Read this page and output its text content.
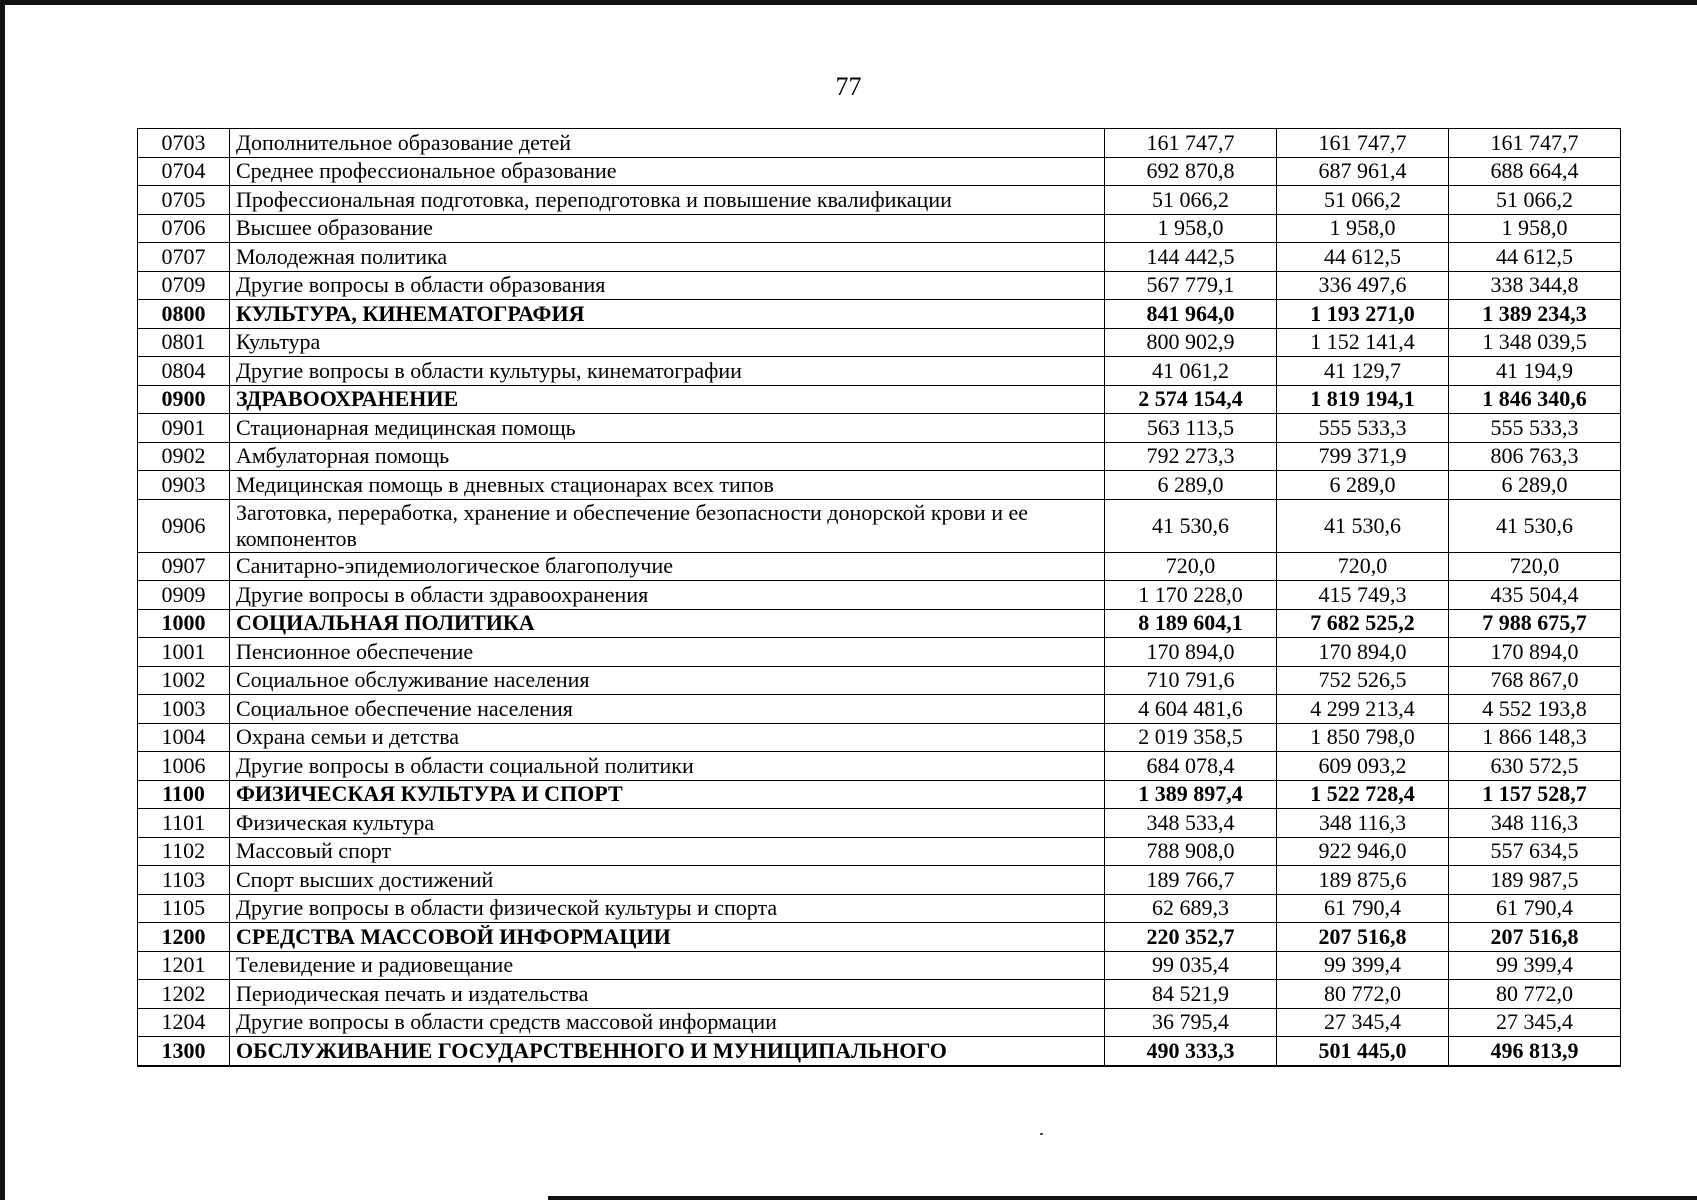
77
0703	Дополнительное образование детей	161 747,7	161 747,7	161 747,7
0704	Среднее профессиональное образование	692 870,8	687 961,4	688 664,4
0705	Профессиональная подготовка, переподготовка и повышение квалификации	51 066,2	51 066,2	51 066,2
0706	Высшее образование	1 958,0	1 958,0	1 958,0
0707	Молодежная политика	144 442,5	44 612,5	44 612,5
0709	Другие вопросы в области образования	567 779,1	336 497,6	338 344,8
0800	КУЛЬТУРА, КИНЕМАТОГРАФИЯ	841 964,0	1 193 271,0	1 389 234,3
0801	Культура	800 902,9	1 152 141,4	1 348 039,5
0804	Другие вопросы в области культуры, кинематографии	41 061,2	41 129,7	41 194,9
0900	ЗДРАВООХРАНЕНИЕ	2 574 154,4	1 819 194,1	1 846 340,6
0901	Стационарная медицинская помощь	563 113,5	555 533,3	555 533,3
0902	Амбулаторная помощь	792 273,3	799 371,9	806 763,3
0903	Медицинская помощь в дневных стационарах всех типов	6 289,0	6 289,0	6 289,0
0906	Заготовка, переработка, хранение и обеспечение безопасности донорской крови и ее компонентов	41 530,6	41 530,6	41 530,6
0907	Санитарно-эпидемиологическое благополучие	720,0	720,0	720,0
0909	Другие вопросы в области здравоохранения	1 170 228,0	415 749,3	435 504,4
1000	СОЦИАЛЬНАЯ ПОЛИТИКА	8 189 604,1	7 682 525,2	7 988 675,7
1001	Пенсионное обеспечение	170 894,0	170 894,0	170 894,0
1002	Социальное обслуживание населения	710 791,6	752 526,5	768 867,0
1003	Социальное обеспечение населения	4 604 481,6	4 299 213,4	4 552 193,8
1004	Охрана семьи и детства	2 019 358,5	1 850 798,0	1 866 148,3
1006	Другие вопросы в области социальной политики	684 078,4	609 093,2	630 572,5
1100	ФИЗИЧЕСКАЯ КУЛЬТУРА И СПОРТ	1 389 897,4	1 522 728,4	1 157 528,7
1101	Физическая культура	348 533,4	348 116,3	348 116,3
1102	Массовый спорт	788 908,0	922 946,0	557 634,5
1103	Спорт высших достижений	189 766,7	189 875,6	189 987,5
1105	Другие вопросы в области физической культуры и спорта	62 689,3	61 790,4	61 790,4
1200	СРЕДСТВА МАССОВОЙ ИНФОРМАЦИИ	220 352,7	207 516,8	207 516,8
1201	Телевидение и радиовещание	99 035,4	99 399,4	99 399,4
1202	Периодическая печать и издательства	84 521,9	80 772,0	80 772,0
1204	Другие вопросы в области средств массовой информации	36 795,4	27 345,4	27 345,4
1300	ОБСЛУЖИВАНИЕ ГОСУДАРСТВЕННОГО И МУНИЦИПАЛЬНОГО	490 333,3	501 445,0	496 813,9
